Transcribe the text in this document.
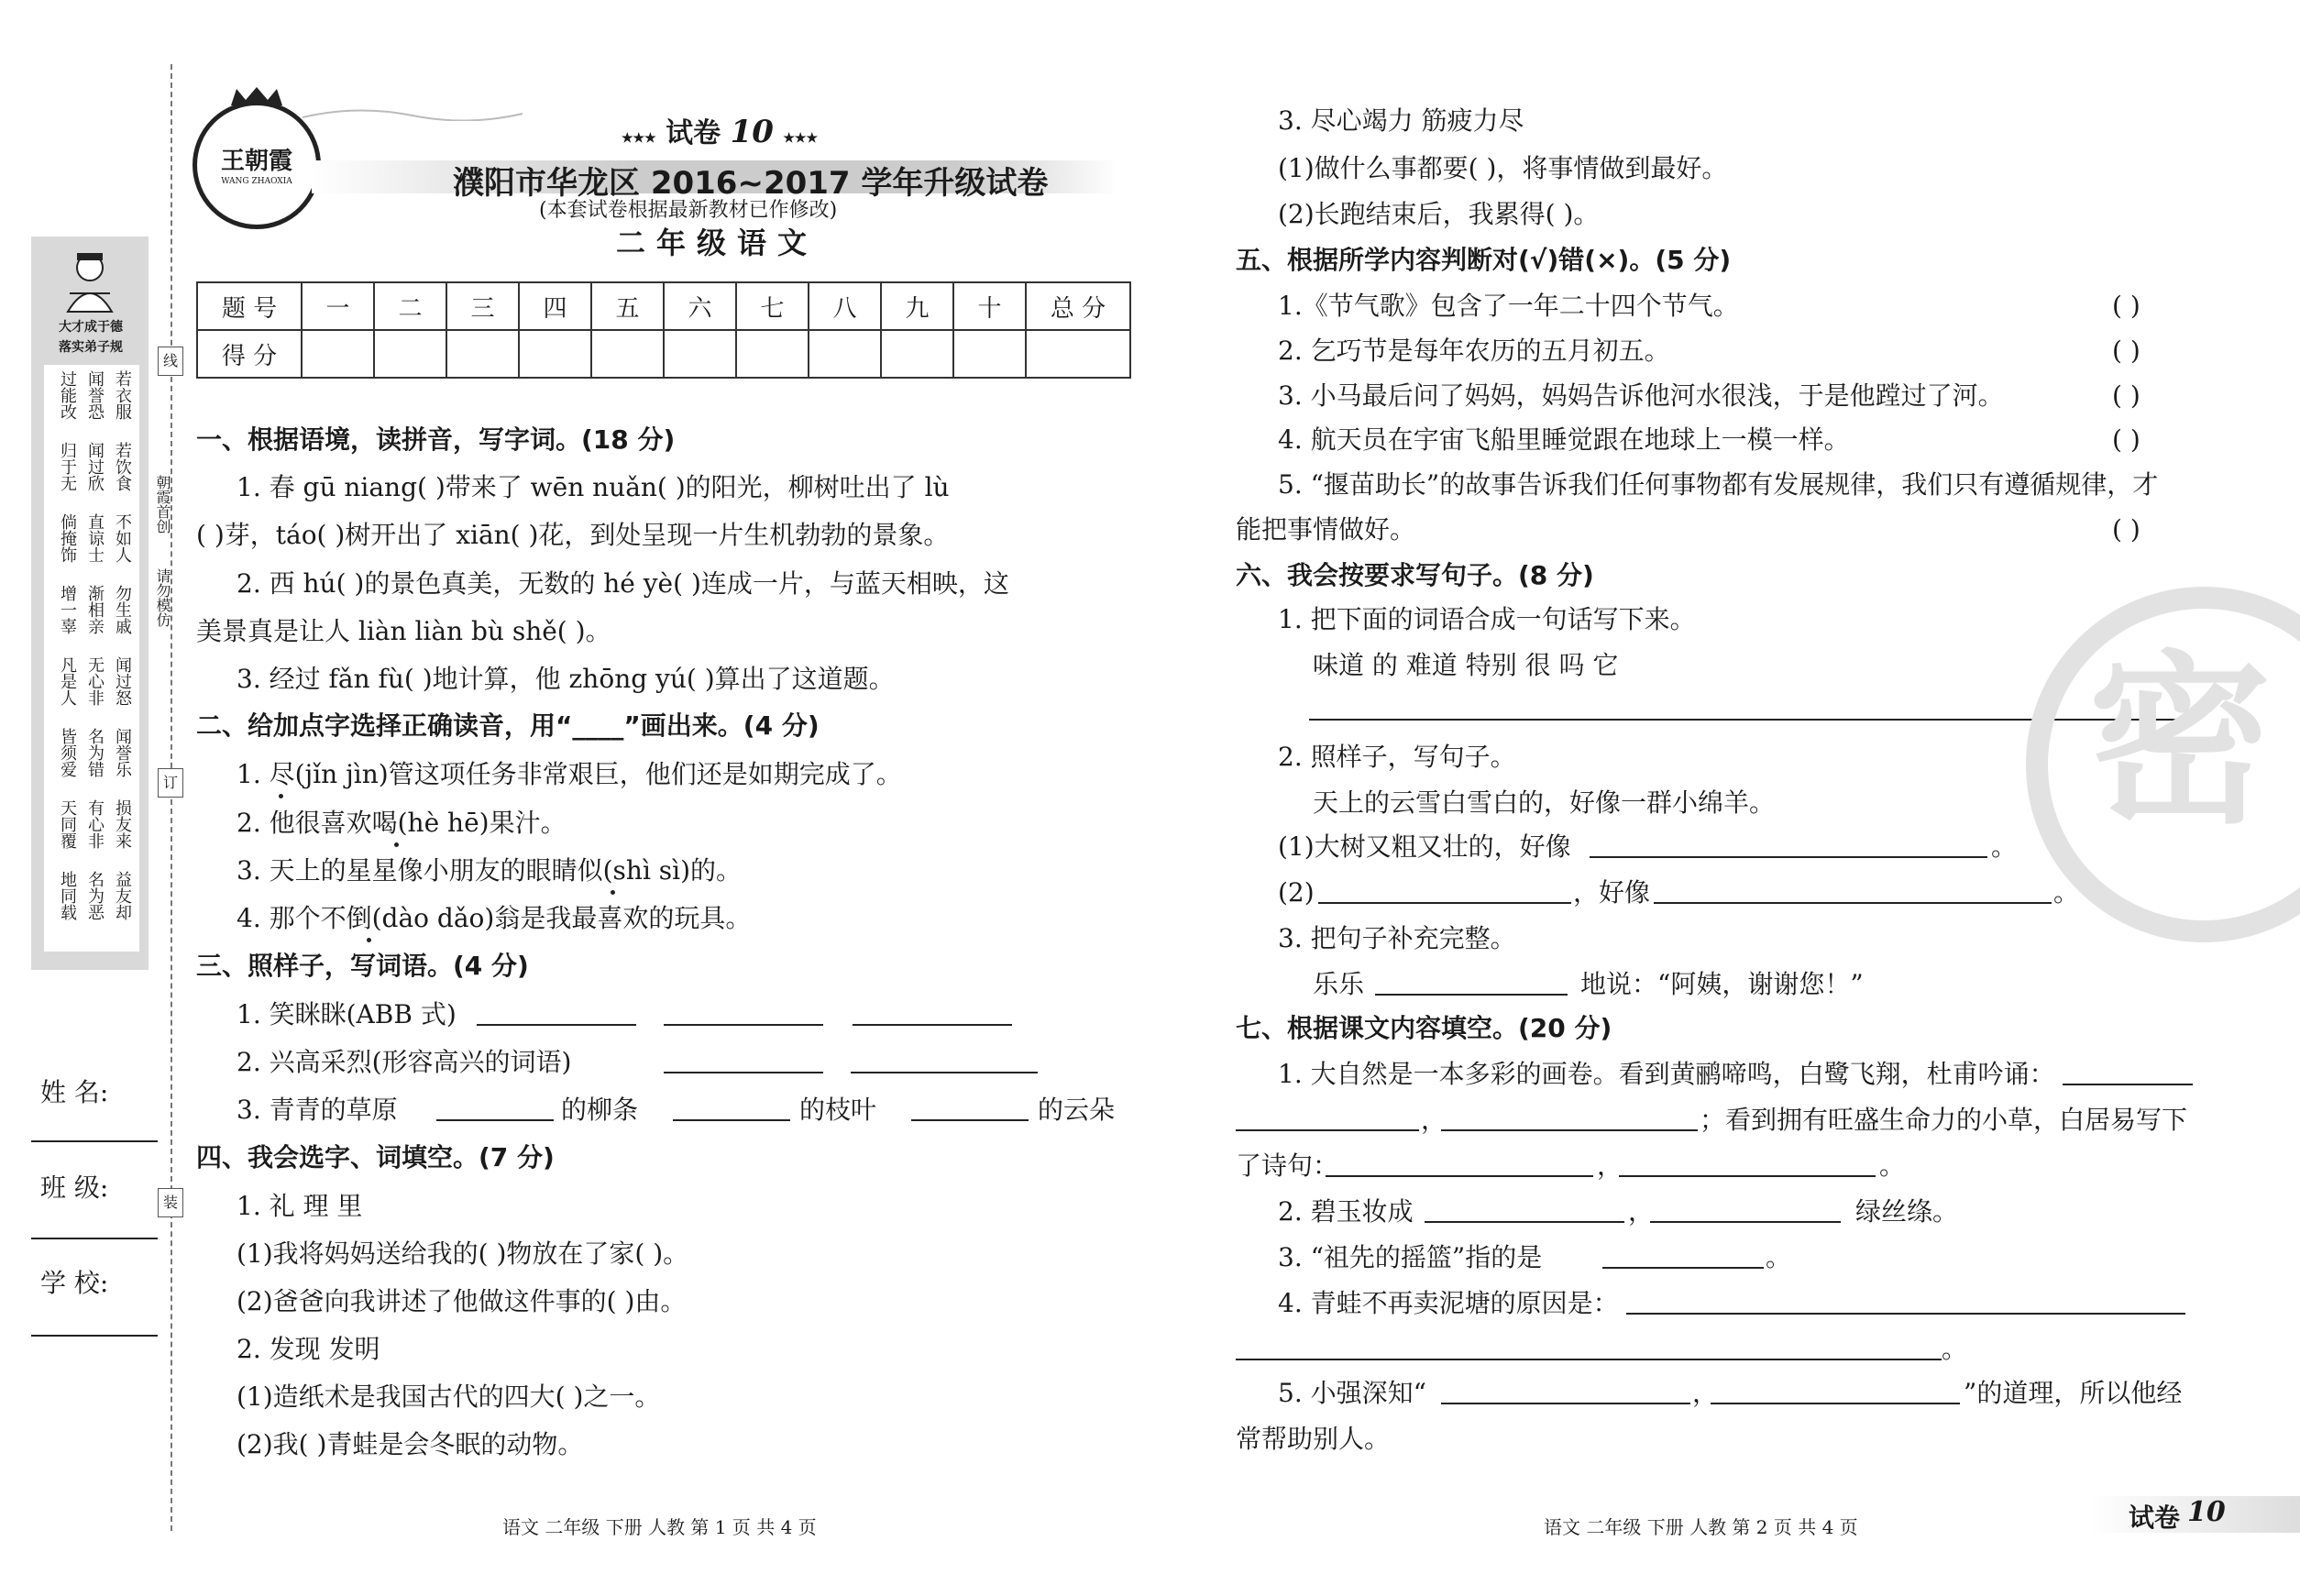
大才成于德
落实弟子规
过能改 闻誉恐 若衣服
归于无 闻过欣 若饮食
倘掩饰 直谅士 不如人
增一辜 渐相亲 勿生戚
凡是人 无心非 闻过怒
皆须爱 名为错 闻誉乐
天同覆 有心非 损友来
地同载 名为恶 益友却
线
订
装
朝霞首创
请勿模仿
姓 名:
班 级:
学 校:
王朝霞
WANG ZHAOXIA
★★★ 试卷 10 ★★★
濮阳市华龙区 2016~2017 学年升级试卷
(本套试卷根据最新教材已作修改)
二年级语文
题 号	一	二	三	四	五	六	七	八	九	十	总 分
得 分											
一、根据语境，读拼音，写字词。(18 分)
1. 春 gū niang( )带来了 wēn nuǎn( )的阳光，柳树吐出了 lù
( )芽，táo( )树开出了 xiān( )花，到处呈现一片生机勃勃的景象。
2. 西 hú( )的景色真美，无数的 hé yè( )连成一片，与蓝天相映，这
美景真是让人 liàn liàn bù shě( )。
3. 经过 fǎn fù( )地计算，他 zhōng yú( )算出了这道题。
二、给加点字选择正确读音，用“____”画出来。(4 分)
1. 尽(jǐn jìn)管这项任务非常艰巨，他们还是如期完成了。
2. 他很喜欢喝(hè hē)果汁。
3. 天上的星星像小朋友的眼睛似(shì sì)的。
4. 那个不倒(dào dǎo)翁是我最喜欢的玩具。
三、照样子，写词语。(4 分)
1. 笑眯眯(ABB 式)
2. 兴高采烈(形容高兴的词语)
3. 青青的草原	的柳条	的枝叶	的云朵
四、我会选字、词填空。(7 分)
1. 礼 理 里
(1)我将妈妈送给我的( )物放在了家( )。
(2)爸爸向我讲述了他做这件事的( )由。
2. 发现 发明
(1)造纸术是我国古代的四大( )之一。
(2)我( )青蛙是会冬眠的动物。
语文 二年级 下册 人教 第 1 页 共 4 页
3. 尽心竭力 筋疲力尽
(1)做什么事都要( )，将事情做到最好。
(2)长跑结束后，我累得( )。
五、根据所学内容判断对(√)错(×)。(5 分)
1.《节气歌》包含了一年二十四个节气。	( )
2. 乞巧节是每年农历的五月初五。	( )
3. 小马最后问了妈妈，妈妈告诉他河水很浅，于是他蹚过了河。	( )
4. 航天员在宇宙飞船里睡觉跟在地球上一模一样。	( )
5. “揠苗助长”的故事告诉我们任何事物都有发展规律，我们只有遵循规律，才
能把事情做好。	( )
六、我会按要求写句子。(8 分)
1. 把下面的词语合成一句话写下来。
味道 的 难道 特别 很 吗 它
2. 照样子，写句子。
天上的云雪白雪白的，好像一群小绵羊。
(1)大树又粗又壮的，好像	。
(2)	，好像	。
3. 把句子补充完整。
乐乐	地说：“阿姨，谢谢您！”
七、根据课文内容填空。(20 分)
1. 大自然是一本多彩的画卷。看到黄鹂啼鸣，白鹭飞翔，杜甫吟诵：
，	；看到拥有旺盛生命力的小草，白居易写下
了诗句：	，	。
2. 碧玉妆成	，	绿丝绦。
3. “祖先的摇篮”指的是	。
4. 青蛙不再卖泥塘的原因是：
。
5. 小强深知“	，	”的道理，所以他经
常帮助别人。
密
语文 二年级 下册 人教 第 2 页 共 4 页	试卷 10
